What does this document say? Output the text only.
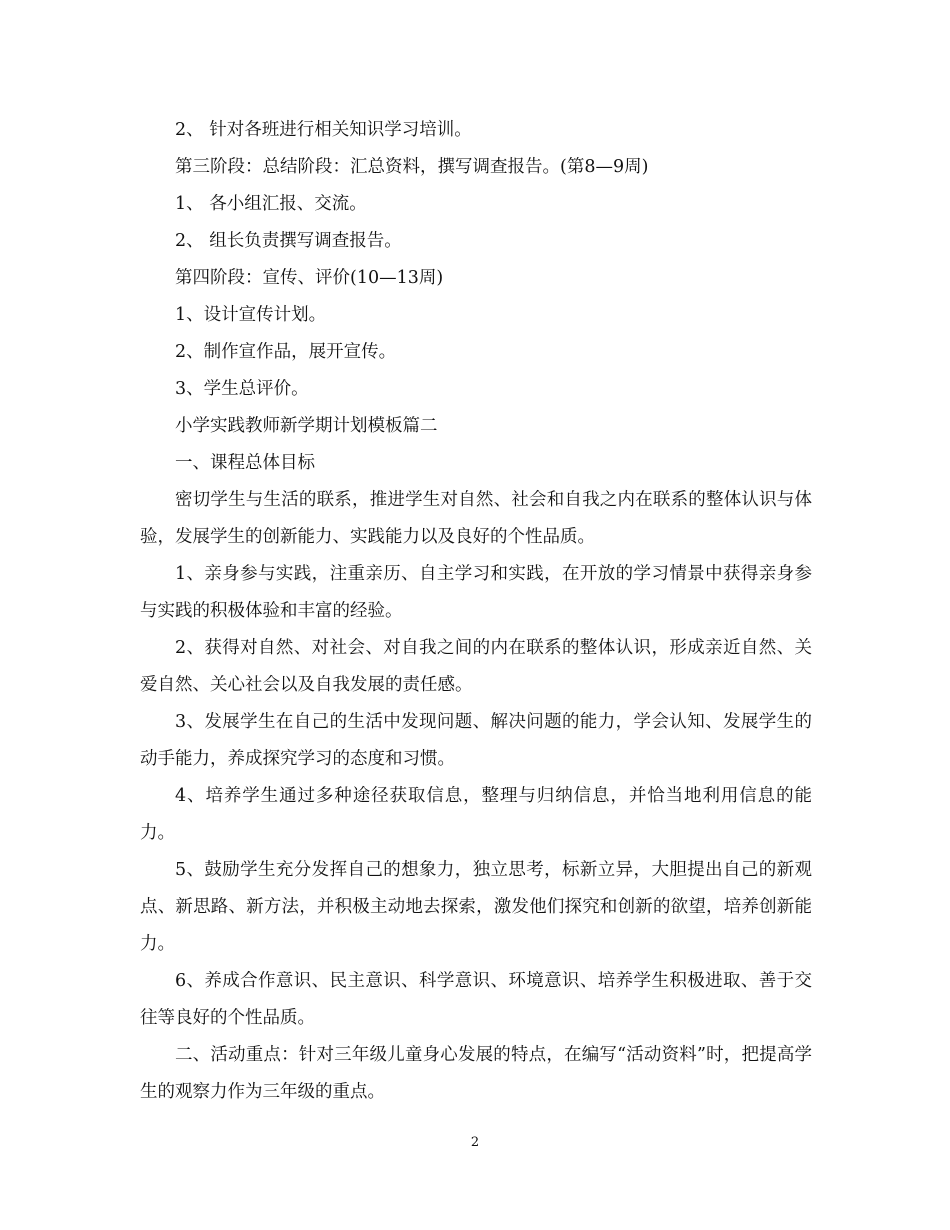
2、 针对各班进行相关知识学习培训。

第三阶段：总结阶段：汇总资料，撰写调查报告。(第8—9周)

1、 各小组汇报、交流。

2、 组长负责撰写调查报告。

第四阶段：宣传、评价(10—13周)

1、设计宣传计划。

2、制作宣作品，展开宣传。

3、学生总评价。

小学实践教师新学期计划模板篇二

一、课程总体目标

密切学生与生活的联系，推进学生对自然、社会和自我之内在联系的整体认识与体验，发展学生的创新能力、实践能力以及良好的个性品质。

1、亲身参与实践，注重亲历、自主学习和实践，在开放的学习情景中获得亲身参与实践的积极体验和丰富的经验。

2、获得对自然、对社会、对自我之间的内在联系的整体认识，形成亲近自然、关爱自然、关心社会以及自我发展的责任感。

3、发展学生在自己的生活中发现问题、解决问题的能力，学会认知、发展学生的动手能力，养成探究学习的态度和习惯。

4、培养学生通过多种途径获取信息，整理与归纳信息，并恰当地利用信息的能力。

5、鼓励学生充分发挥自己的想象力，独立思考，标新立异，大胆提出自己的新观点、新思路、新方法，并积极主动地去探索，激发他们探究和创新的欲望，培养创新能力。

6、养成合作意识、民主意识、科学意识、环境意识、培养学生积极进取、善于交往等良好的个性品质。

二、活动重点：针对三年级儿童身心发展的特点，在编写“活动资料”时，把提高学生的观察力作为三年级的重点。

2
